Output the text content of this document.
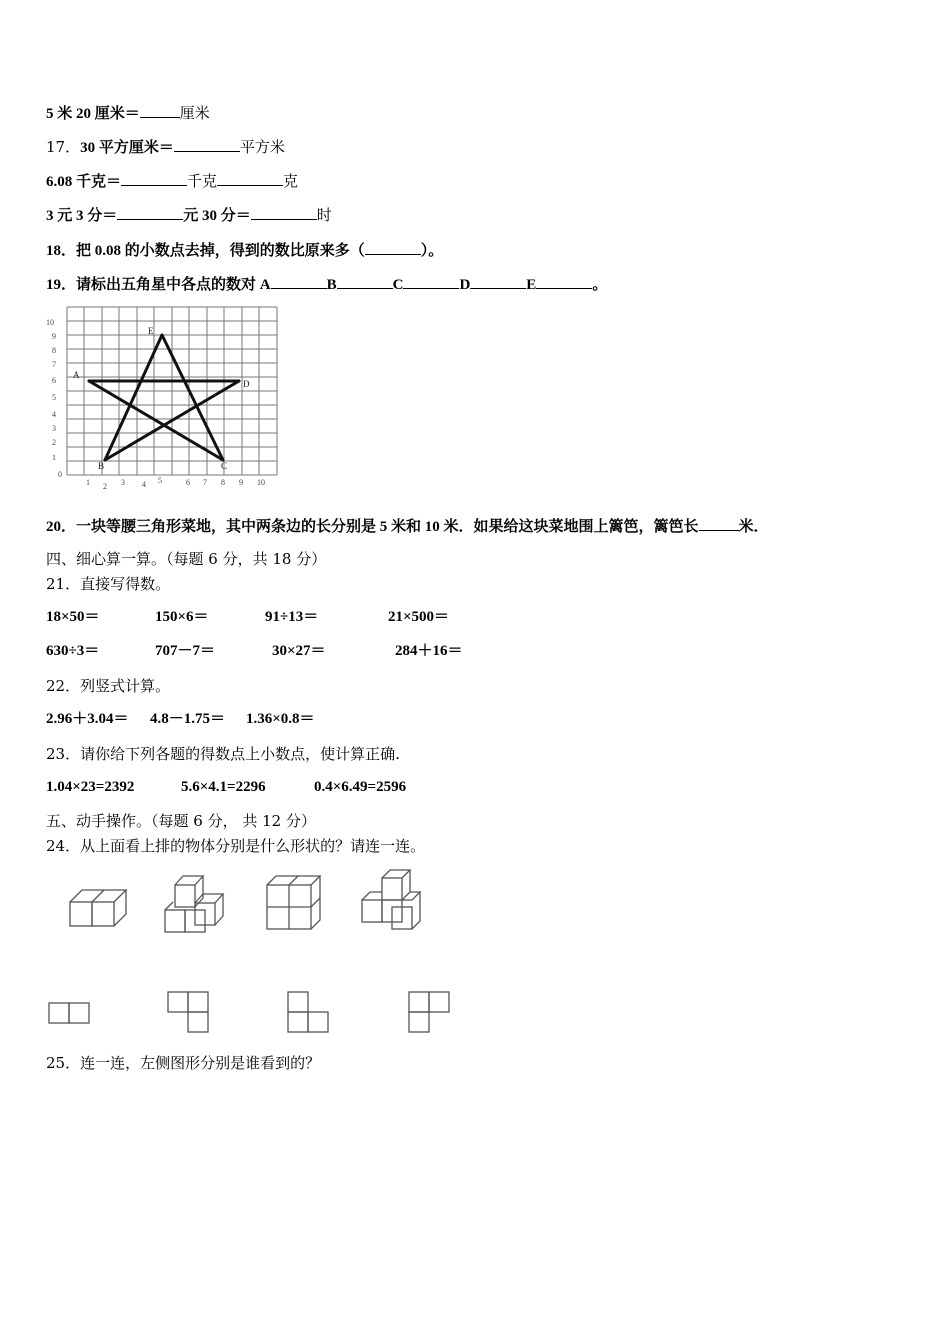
5 米 20 厘米＝	厘米
17．30 平方厘米＝	平方米
6.08 千克＝	千克	克
3 元 3 分＝	元 30 分＝	时
18．把 0.08 的小数点去掉，得到的数比原来多（	）。
19．请标出五角星中各点的数对 A	B	C	D	E	。
10
9
8
7
6
5
4
3
2
1
0
1 2 3 4 5	6 7 8 9 10
A
B	C
D
E
20．一块等腰三角形菜地，其中两条边的长分别是 5 米和 10 米．如果给这块菜地围上篱笆，篱笆长	米．
四、细心算一算。（每题 6 分，共 18 分）
21．直接写得数。
18×50＝	150×6＝	91÷13＝	21×500＝
630÷3＝	707－7＝	30×27＝	284＋16＝
22．列竖式计算。
2.96＋3.04＝ 4.8－1.75＝ 1.36×0.8＝
23．请你给下列各题的得数点上小数点，使计算正确.
1.04×23=2392	5.6×4.1=2296	0.4×6.49=2596
五、动手操作。（每题 6 分， 共 12 分）
24．从上面看上排的物体分别是什么形状的？请连一连。
25．连一连，左侧图形分别是谁看到的？
